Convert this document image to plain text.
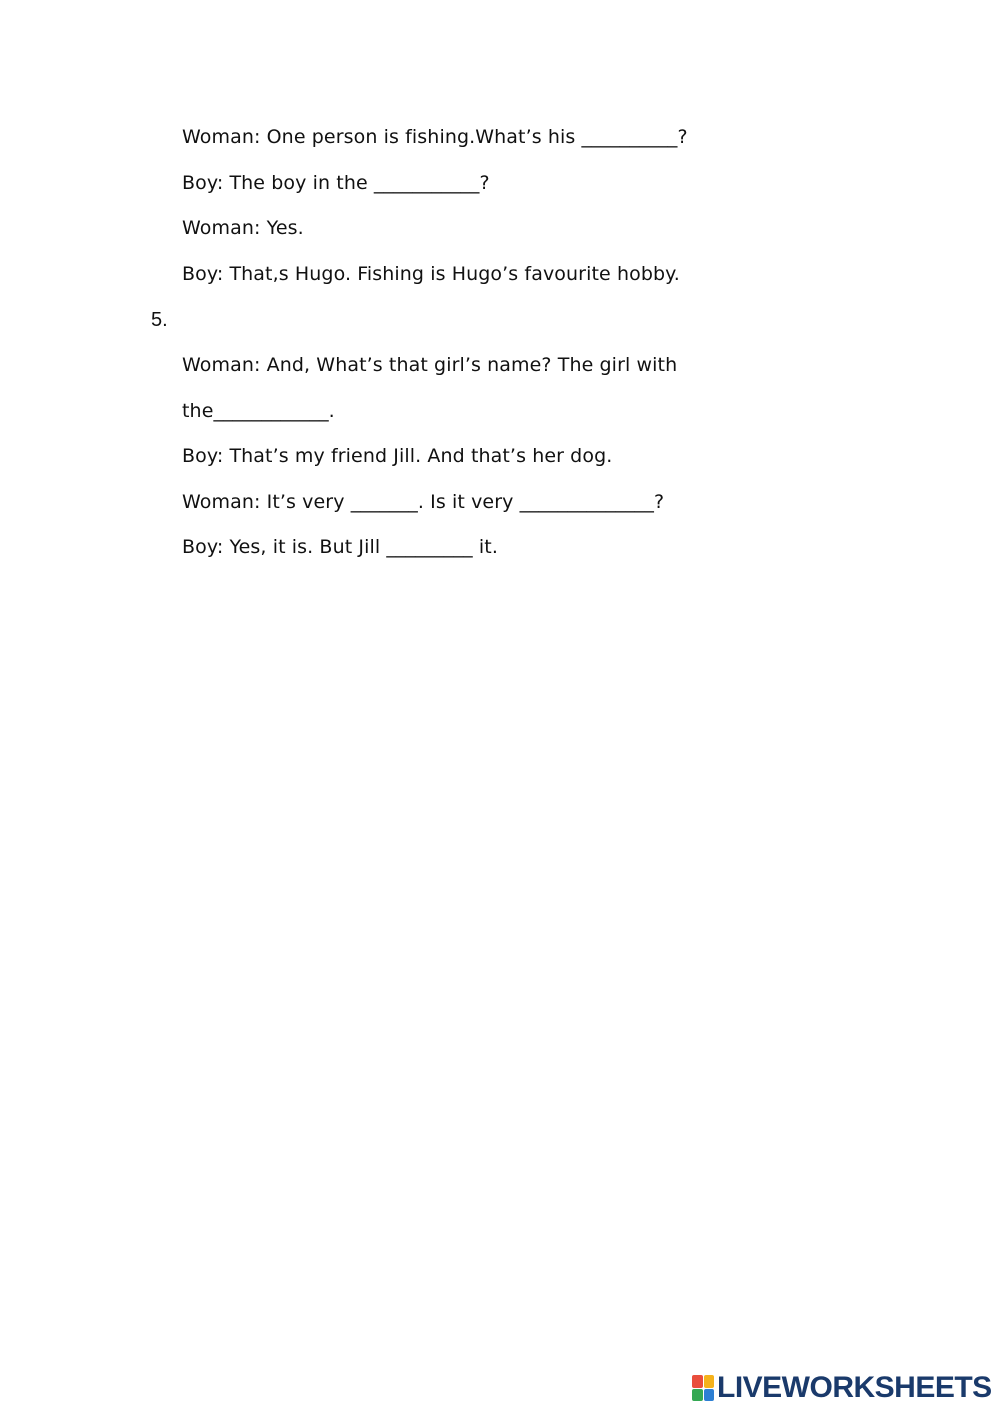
Woman: One person is fishing.What’s his __________?
Boy: The boy in the ___________?
Woman: Yes.
Boy: That,s Hugo. Fishing is Hugo’s favourite hobby.
5.
Woman: And, What’s that girl’s name? The girl with
the____________.
Boy: That’s my friend Jill. And that’s her dog.
Woman: It’s very _______. Is it very ______________?
Boy: Yes, it is. But Jill _________ it.
LIVEWORKSHEETS
